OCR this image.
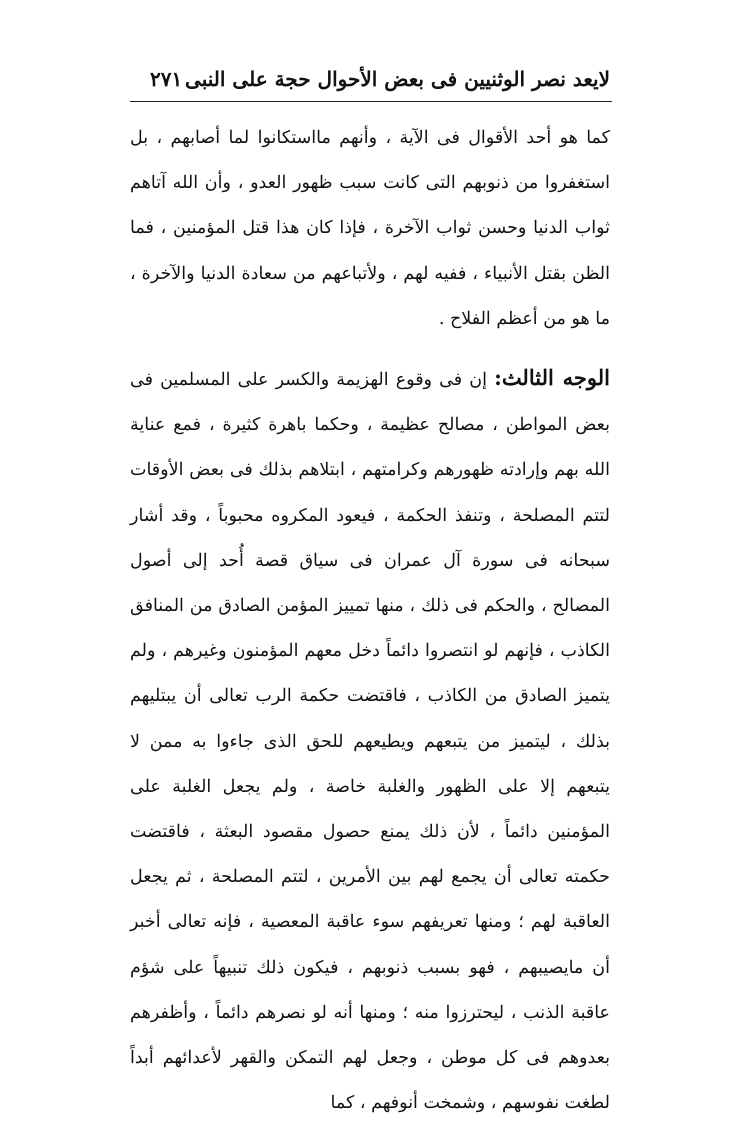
لايعد نصر الوثنيين فى بعض الأحوال حجة على النبى
٢٧١

كما هو أحد الأقوال فى الآية ، وأنهم مااستكانوا لما أصابهم ، بل استغفروا من ذنوبهم التى كانت سبب ظهور العدو ، وأن الله آتاهم ثواب الدنيا وحسن ثواب الآخرة ، فإذا كان هذا قتل المؤمنين ، فما الظن بقتل الأنبياء ، ففيه لهم ، ولأتباعهم من سعادة الدنيا والآخرة ، ما هو من أعظم الفلاح .

الوجه الثالث: إن فى وقوع الهزيمة والكسر على المسلمين فى بعض المواطن ، مصالح عظيمة ، وحكما باهرة كثيرة ، فمع عناية الله بهم وإرادته ظهورهم وكرامتهم ، ابتلاهم بذلك فى بعض الأوقات لتتم المصلحة ، وتنفذ الحكمة ، فيعود المكروه محبوباً ، وقد أشار سبحانه فى سورة آل عمران فى سياق قصة أُحد إلى أصول المصالح ، والحكم فى ذلك ، منها تمييز المؤمن الصادق من المنافق الكاذب ، فإنهم لو انتصروا دائماً دخل معهم المؤمنون وغيرهم ، ولم يتميز الصادق من الكاذب ، فاقتضت حكمة الرب تعالى أن يبتليهم بذلك ، ليتميز من يتبعهم ويطيعهم للحق الذى جاءوا به ممن لا يتبعهم إلا على الظهور والغلبة خاصة ، ولم يجعل الغلبة على المؤمنين دائماً ، لأن ذلك يمنع حصول مقصود البعثة ، فاقتضت حكمته تعالى أن يجمع لهم بين الأمرين ، لتتم المصلحة ، ثم يجعل العاقبة لهم ؛ ومنها تعريفهم سوء عاقبة المعصية ، فإنه تعالى أخبر أن مايصيبهم ، فهو بسبب ذنوبهم ، فيكون ذلك تنبيهاً على شؤم عاقبة الذنب ، ليحترزوا منه ؛ ومنها أنه لو نصرهم دائماً ، وأظفرهم بعدوهم فى كل موطن ، وجعل لهم التمكن والقهر لأعدائهم أبداً لطغت نفوسهم ، وشمخت أنوفهم ، كما
